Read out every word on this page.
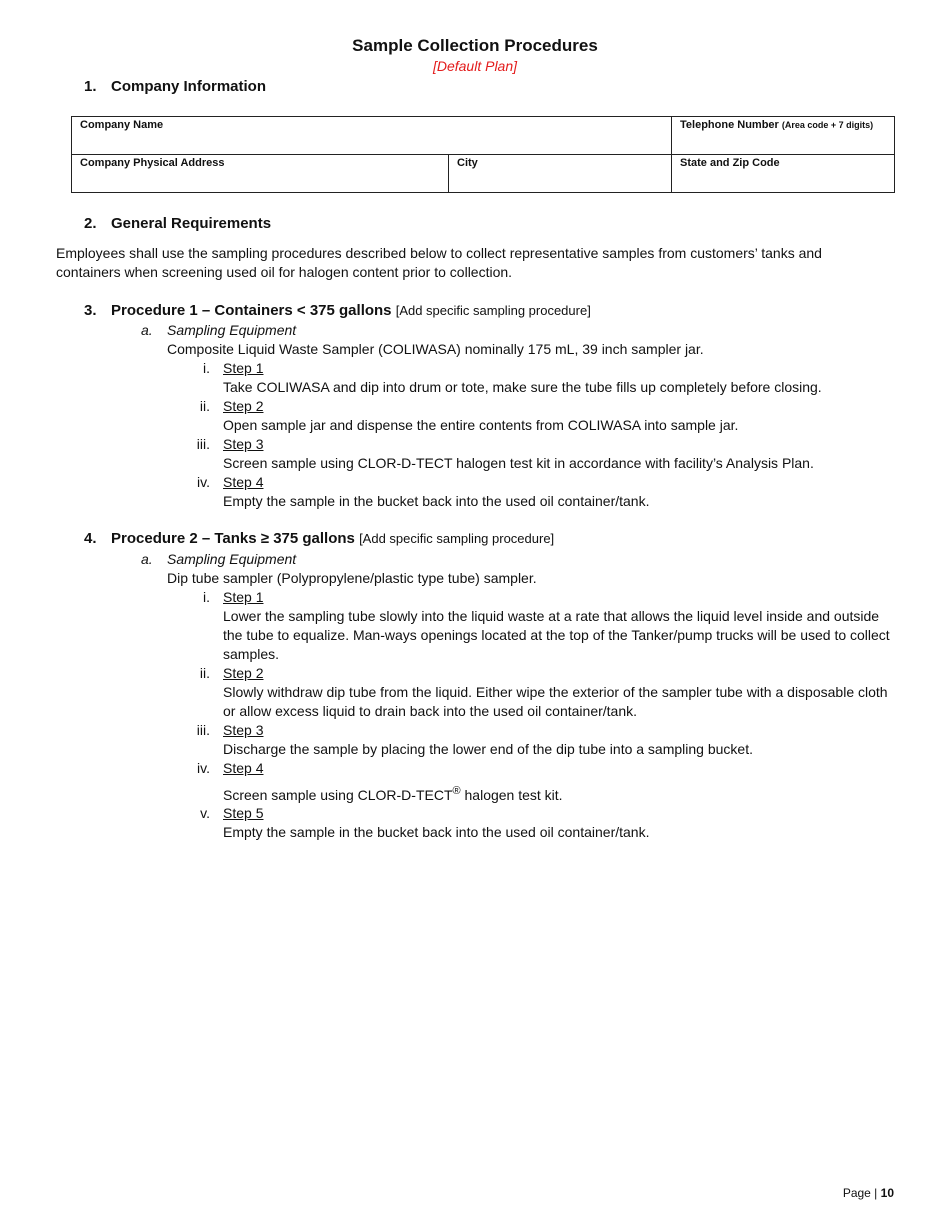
Sample Collection Procedures
[Default Plan]
1. Company Information
Company Name		Telephone Number (Area code + 7 digits)
Company Physical Address	City	State and Zip Code
2. General Requirements
Employees shall use the sampling procedures described below to collect representative samples from customers’ tanks and containers when screening used oil for halogen content prior to collection.
3. Procedure 1 – Containers < 375 gallons [Add specific sampling procedure]
a. Sampling Equipment
Composite Liquid Waste Sampler (COLIWASA) nominally 175 mL, 39 inch sampler jar.
i. Step 1
Take COLIWASA and dip into drum or tote, make sure the tube fills up completely before closing.
ii. Step 2
Open sample jar and dispense the entire contents from COLIWASA into sample jar.
iii. Step 3
Screen sample using CLOR-D-TECT halogen test kit in accordance with facility’s Analysis Plan.
iv. Step 4
Empty the sample in the bucket back into the used oil container/tank.
4. Procedure 2 – Tanks ≥ 375 gallons [Add specific sampling procedure]
a. Sampling Equipment
Dip tube sampler (Polypropylene/plastic type tube) sampler.
i. Step 1
Lower the sampling tube slowly into the liquid waste at a rate that allows the liquid level inside and outside the tube to equalize. Man-ways openings located at the top of the Tanker/pump trucks will be used to collect samples.
ii. Step 2
Slowly withdraw dip tube from the liquid. Either wipe the exterior of the sampler tube with a disposable cloth or allow excess liquid to drain back into the used oil container/tank.
iii. Step 3
Discharge the sample by placing the lower end of the dip tube into a sampling bucket.
iv. Step 4
Screen sample using CLOR-D-TECT® halogen test kit.
v. Step 5
Empty the sample in the bucket back into the used oil container/tank.
Page | 10
